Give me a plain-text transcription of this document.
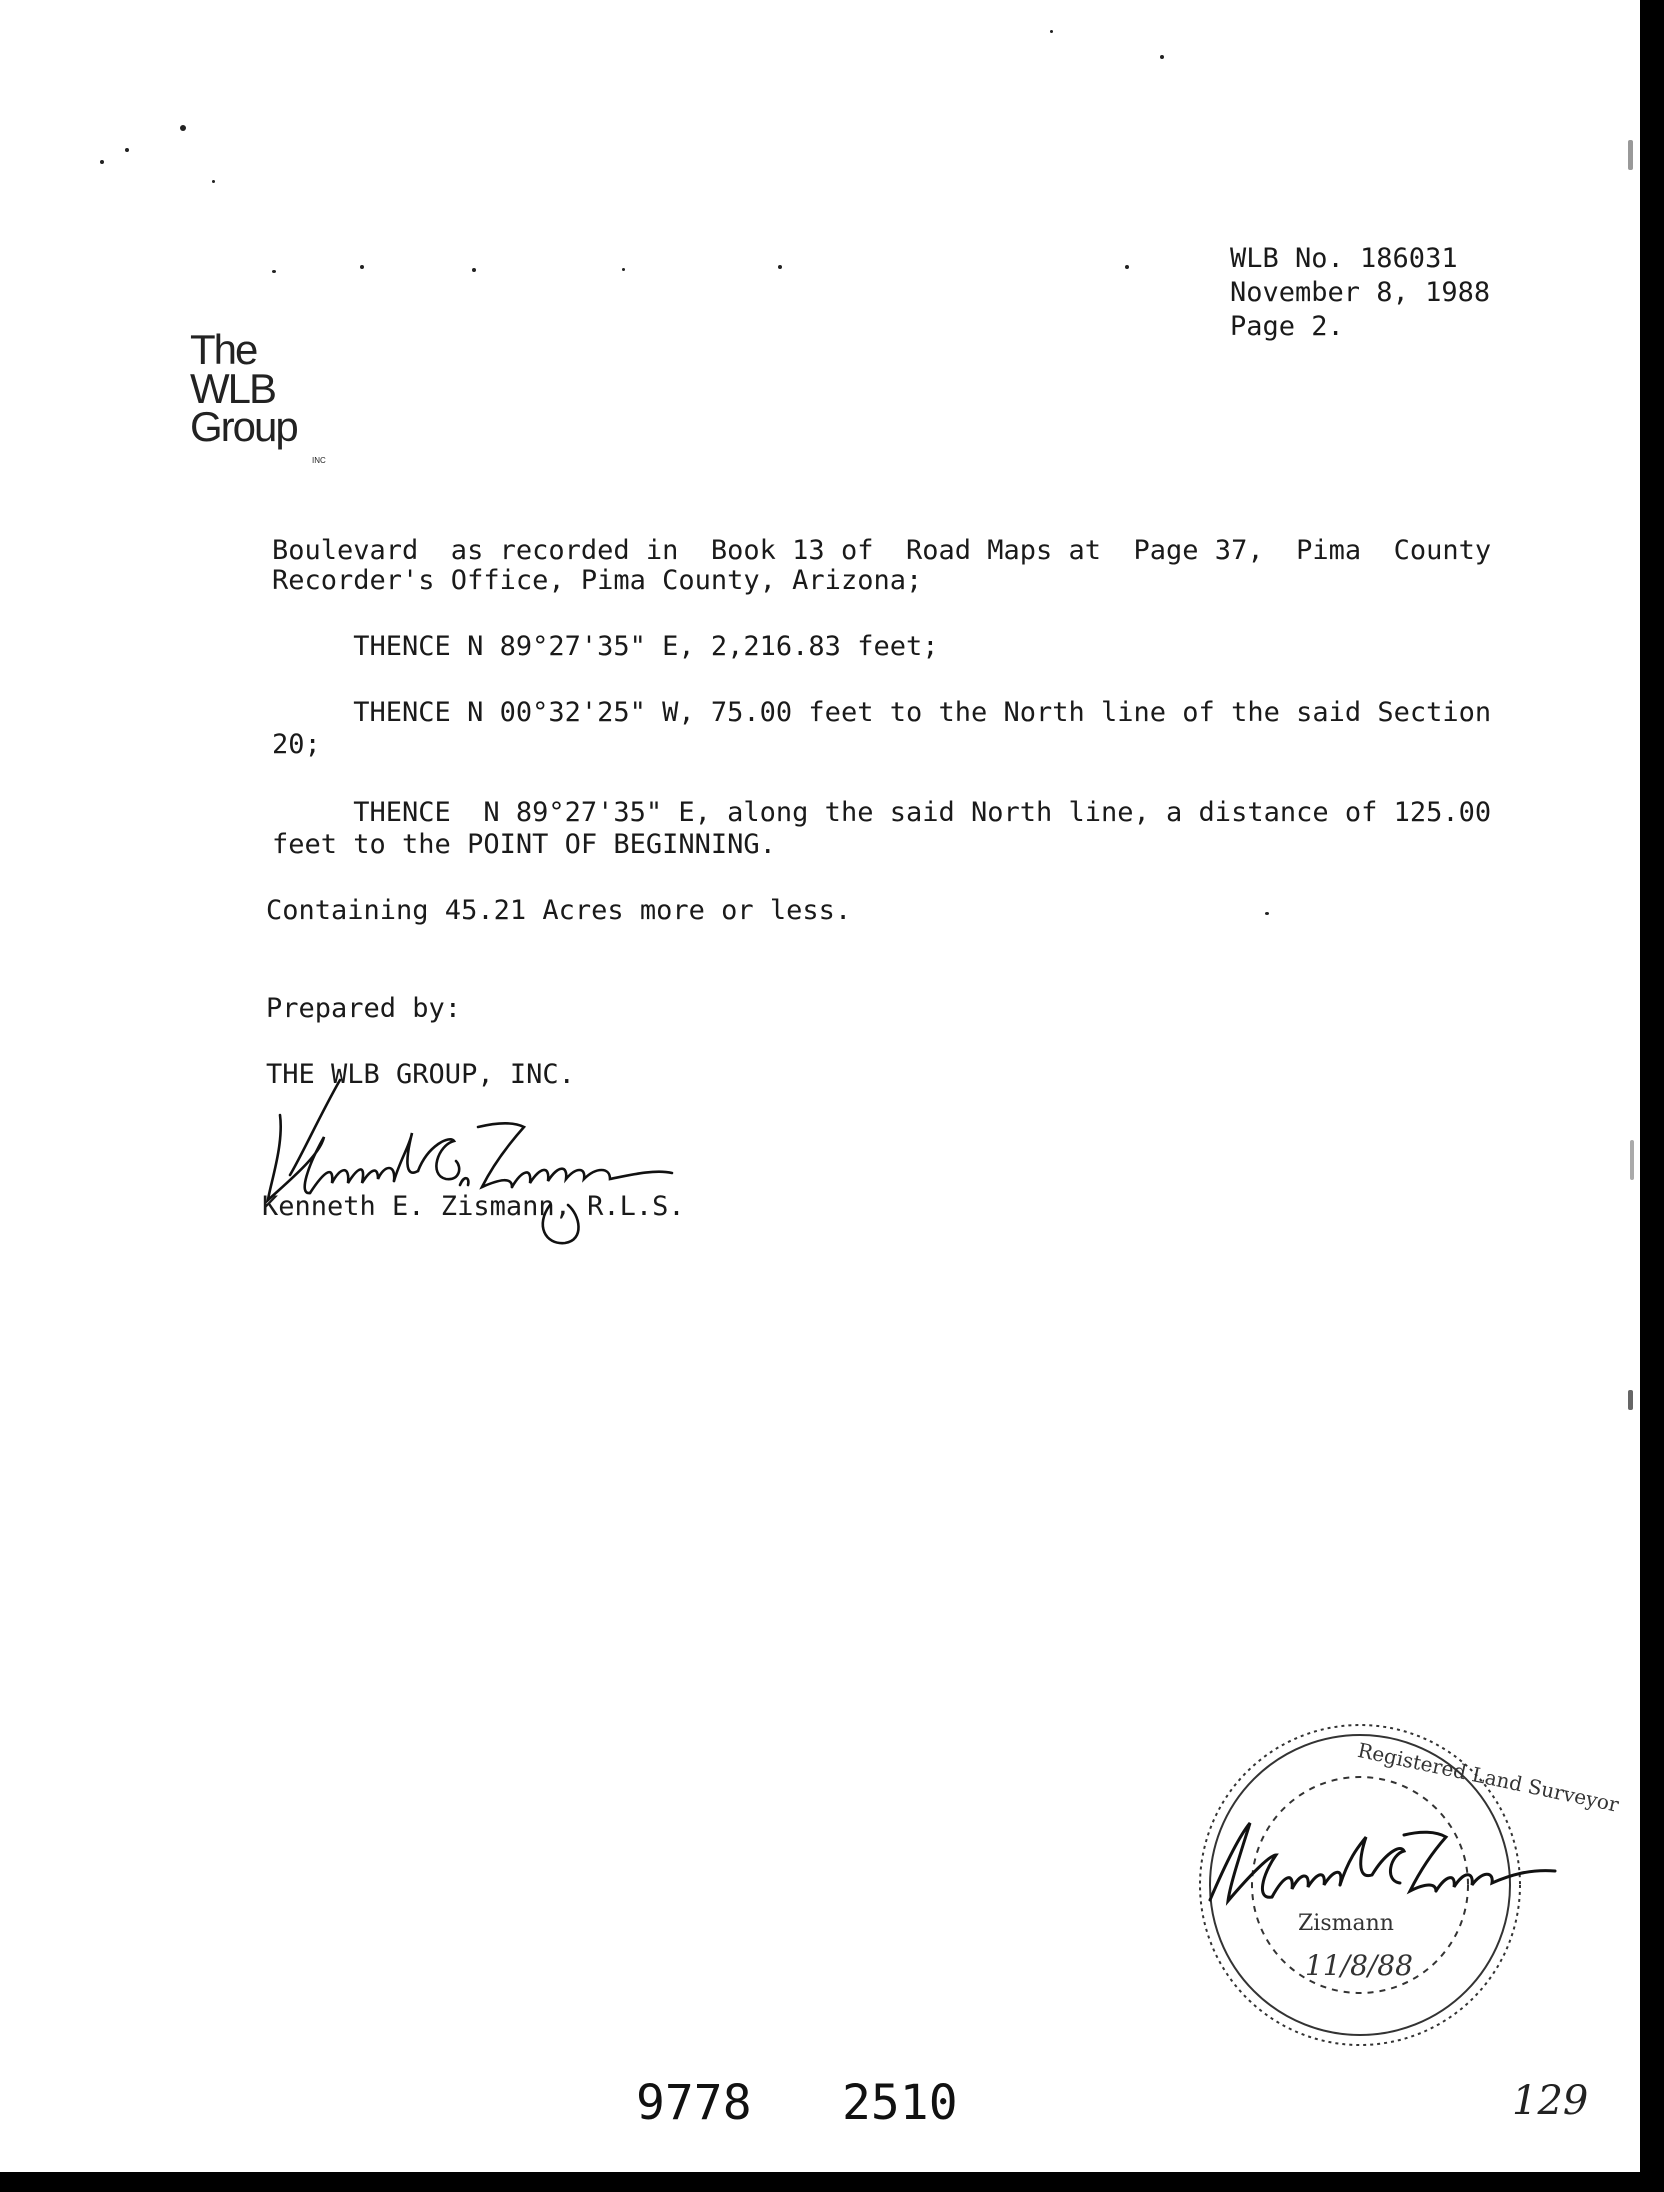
WLB No. 186031
November 8, 1988
Page 2.
The
WLB
Group
INC
Boulevard  as recorded in  Book 13 of  Road Maps at  Page 37,  Pima  County
Recorder's Office, Pima County, Arizona;
THENCE N 89°27'35" E, 2,216.83 feet;
THENCE N 00°32'25" W, 75.00 feet to the North line of the said Section
20;
THENCE  N 89°27'35" E, along the said North line, a distance of 125.00
feet to the POINT OF BEGINNING.
Containing 45.21 Acres more or less.
Prepared by:
THE WLB GROUP, INC.
Kenneth E. Zismann, R.L.S.
Registered Land Surveyor
Zismann
11/8/88
9778 2510	129
